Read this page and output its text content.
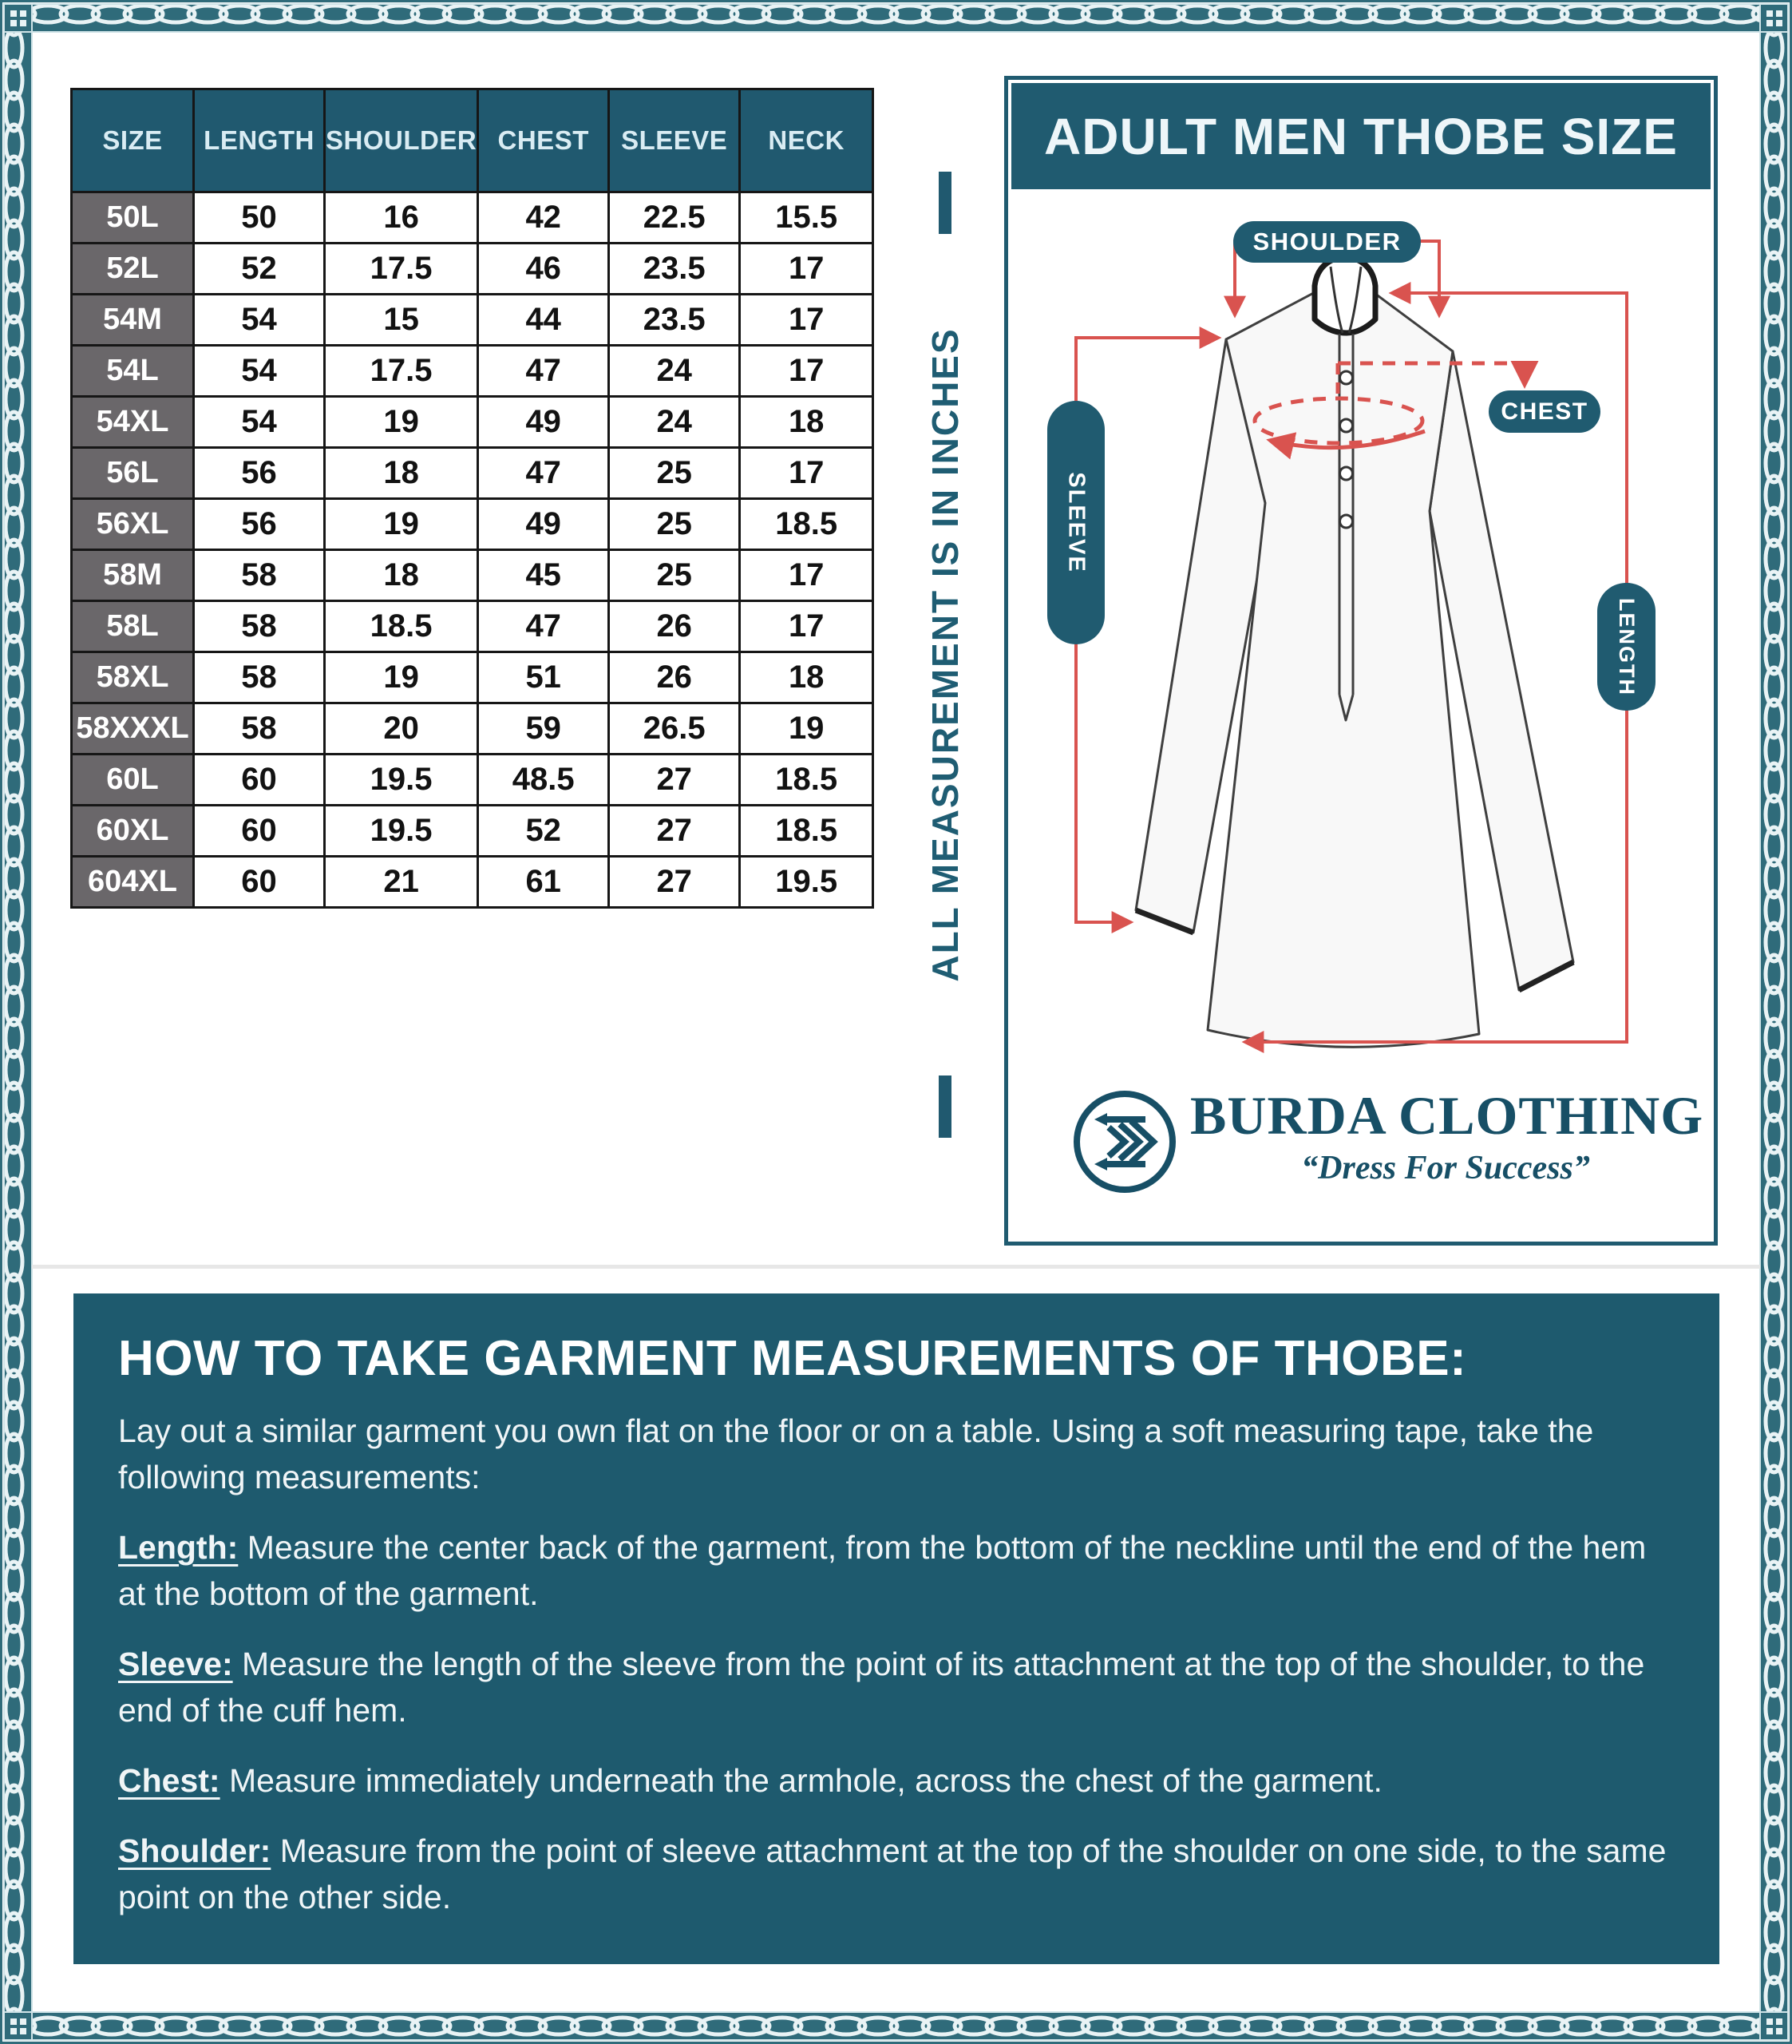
SIZE	LENGTH	SHOULDER	CHEST	SLEEVE	NECK
50L	50	16	42	22.5	15.5
52L	52	17.5	46	23.5	17
54M	54	15	44	23.5	17
54L	54	17.5	47	24	17
54XL	54	19	49	24	18
56L	56	18	47	25	17
56XL	56	19	49	25	18.5
58M	58	18	45	25	17
58L	58	18.5	47	26	17
58XL	58	19	51	26	18
58XXXL	58	20	59	26.5	19
60L	60	19.5	48.5	27	18.5
60XL	60	19.5	52	27	18.5
604XL	60	21	61	27	19.5 ALL MEASUREMENT IS IN INCHES
ADULT MEN THOBE SIZE
SHOULDER
CHEST
SLEEVE
LENGTH
BURDA CLOTHING
“Dress For Success”
HOW TO TAKE GARMENT MEASUREMENTS OF THOBE:

Lay out a similar garment you own flat on the floor or on a table. Using a soft measuring tape, take the following measurements:

Length: Measure the center back of the garment, from the bottom of the neckline until the end of the hem at the bottom of the garment.

Sleeve: Measure the length of the sleeve from the point of its attachment at the top of the shoulder, to the end of the cuff hem.

Chest: Measure immediately underneath the armhole, across the chest of the garment.

Shoulder: Measure from the point of sleeve attachment at the top of the shoulder on one side, to the same point on the other side.
